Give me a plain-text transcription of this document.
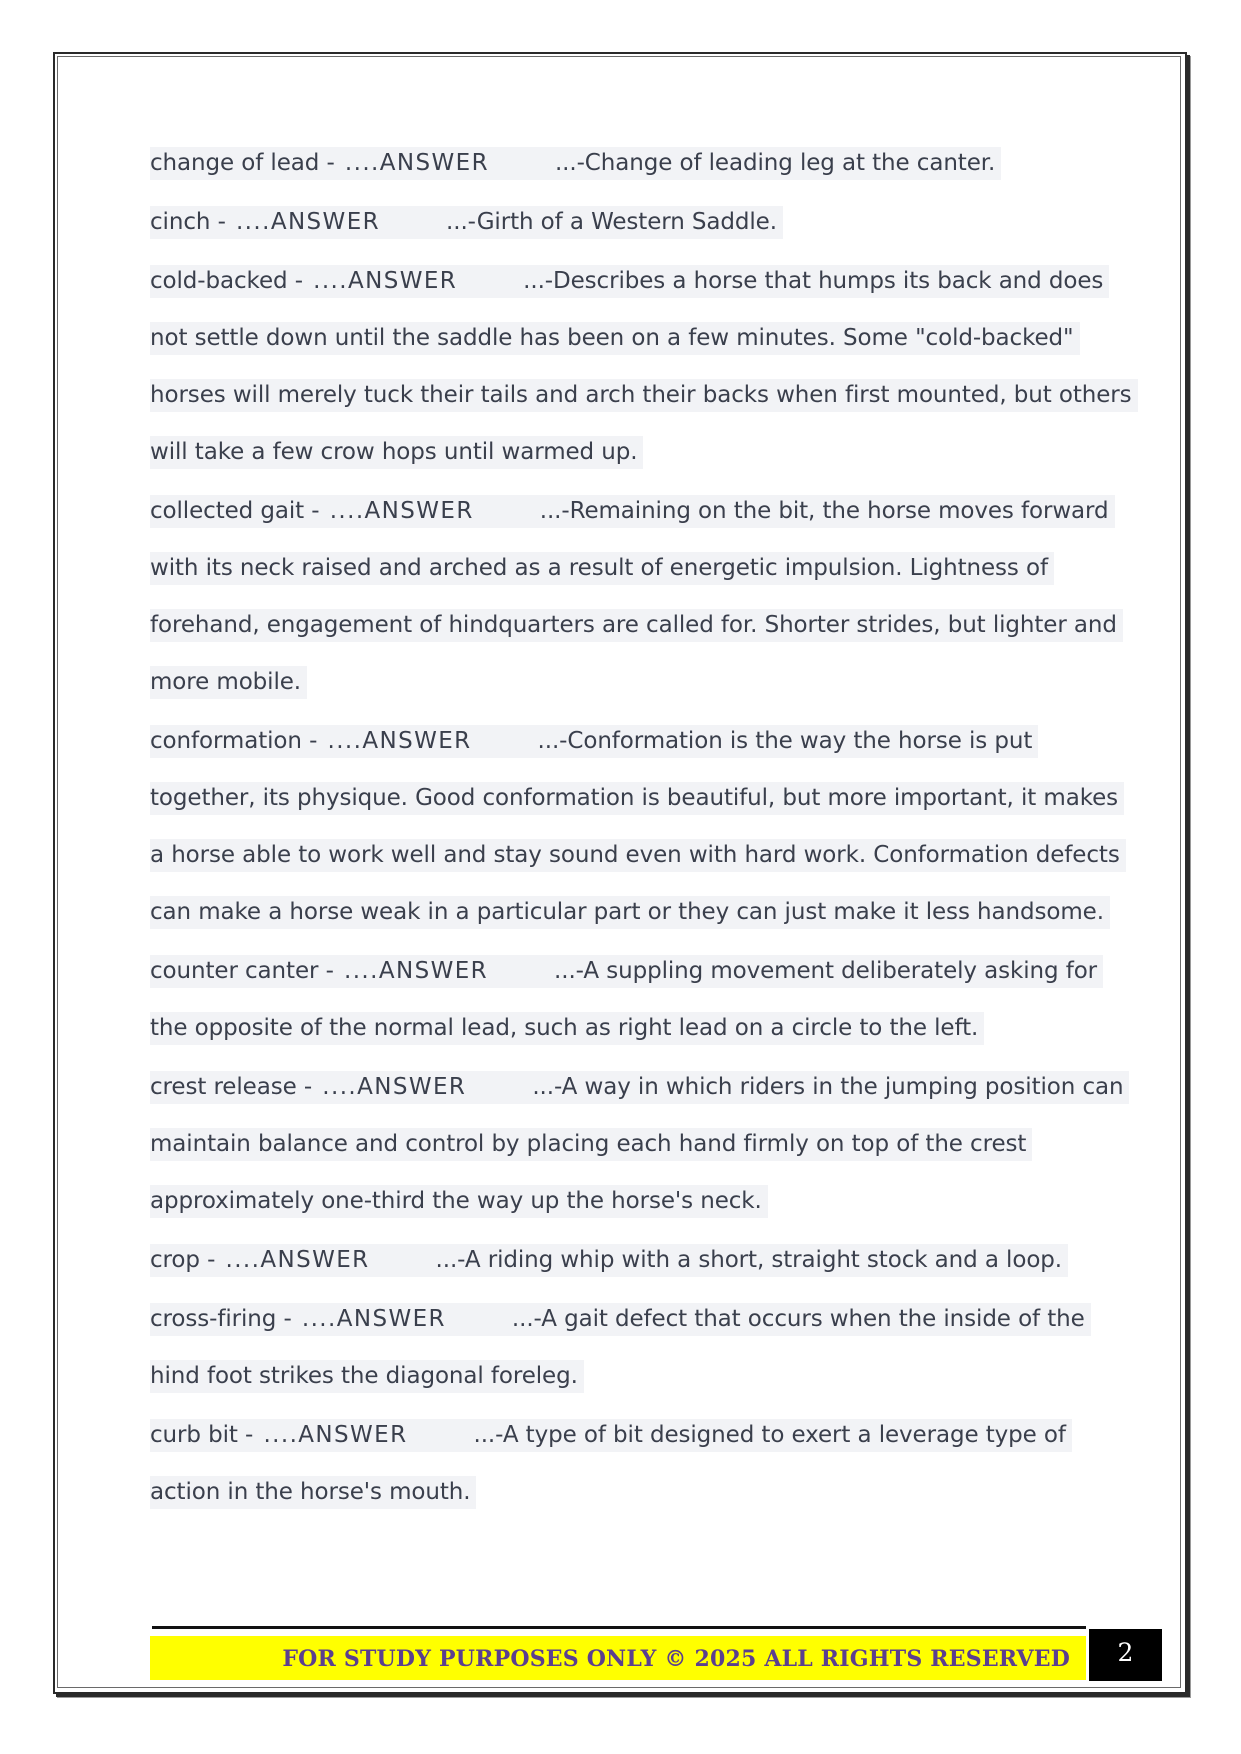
change of lead - ....ANSWER	...-Change of leading leg at the canter.
cinch - ....ANSWER	...-Girth of a Western Saddle.
cold-backed - ....ANSWER	...-Describes a horse that humps its back and does
not settle down until the saddle has been on a few minutes. Some "cold-backed"
horses will merely tuck their tails and arch their backs when first mounted, but others
will take a few crow hops until warmed up.
collected gait - ....ANSWER	...-Remaining on the bit, the horse moves forward
with its neck raised and arched as a result of energetic impulsion. Lightness of
forehand, engagement of hindquarters are called for. Shorter strides, but lighter and
more mobile.
conformation - ....ANSWER	...-Conformation is the way the horse is put
together, its physique. Good conformation is beautiful, but more important, it makes
a horse able to work well and stay sound even with hard work. Conformation defects
can make a horse weak in a particular part or they can just make it less handsome.
counter canter - ....ANSWER	...-A suppling movement deliberately asking for
the opposite of the normal lead, such as right lead on a circle to the left.
crest release - ....ANSWER	...-A way in which riders in the jumping position can
maintain balance and control by placing each hand firmly on top of the crest
approximately one-third the way up the horse's neck.
crop - ....ANSWER	...-A riding whip with a short, straight stock and a loop.
cross-firing - ....ANSWER	...-A gait defect that occurs when the inside of the
hind foot strikes the diagonal foreleg.
curb bit - ....ANSWER	...-A type of bit designed to exert a leverage type of
action in the horse's mouth.
FOR STUDY PURPOSES ONLY © 2025 ALL RIGHTS RESERVED	2
